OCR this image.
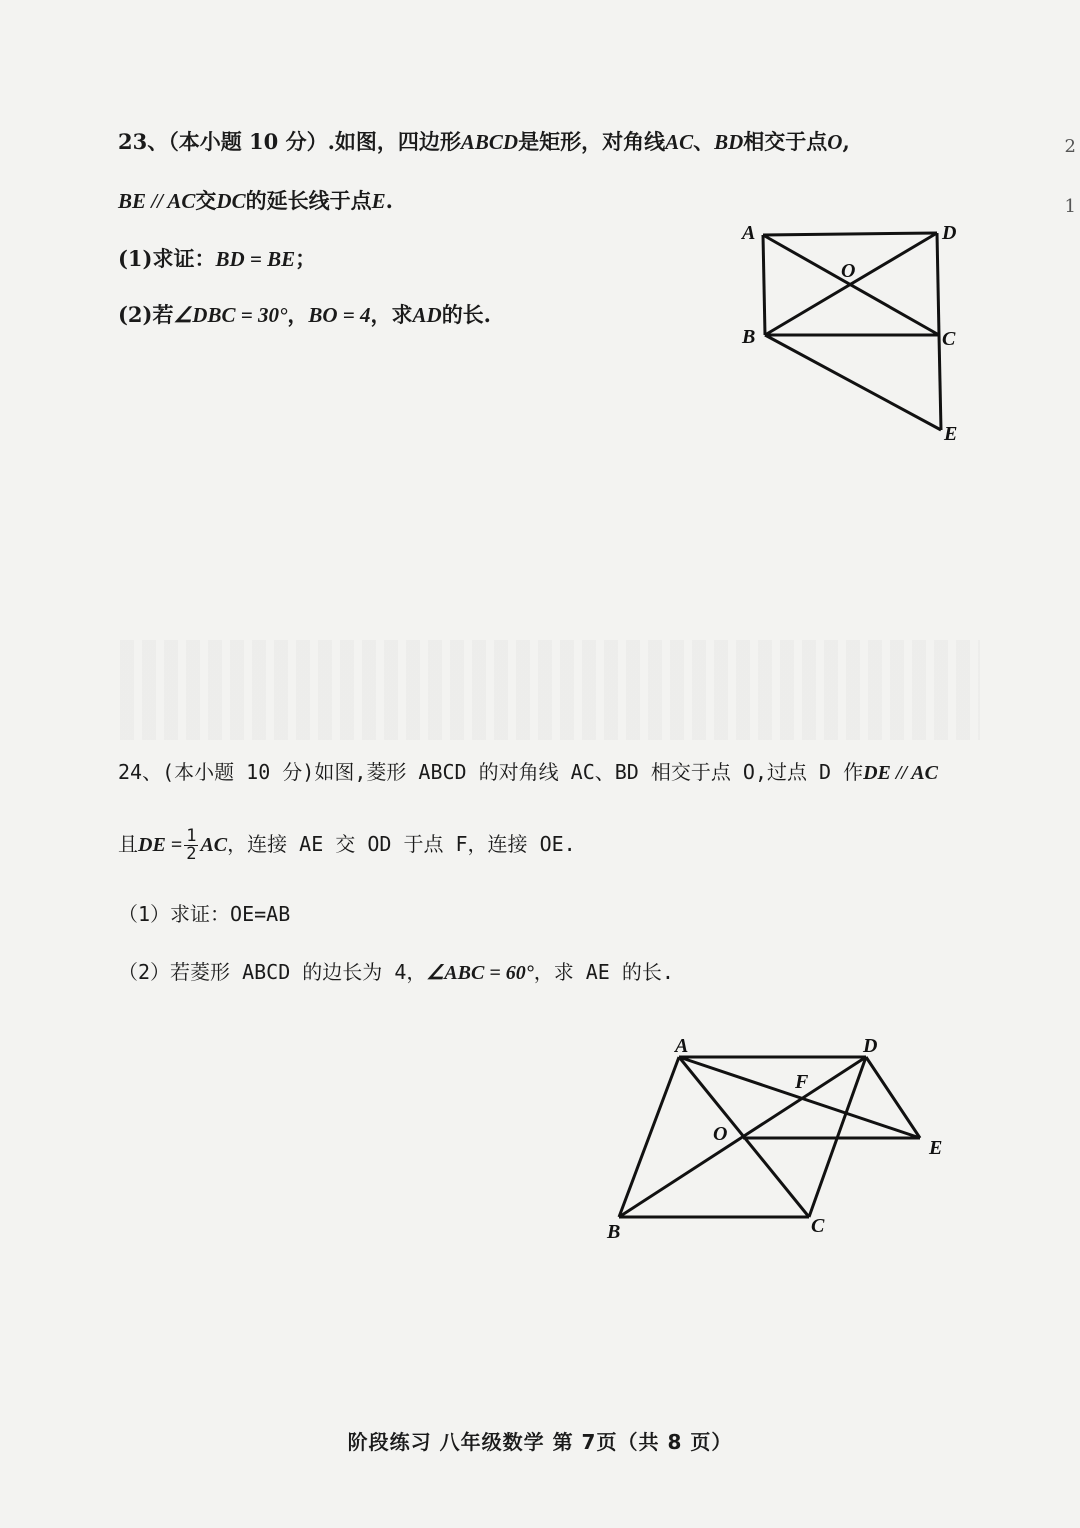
2
1
23、（本小题 10 分）.如图，四边形ABCD是矩形，对角线AC、BD相交于点O,
BE // AC交DC的延长线于点E.
(1)求证：BD = BE；
(2)若∠DBC = 30°，BO = 4，求AD的长.
A	D
O
B	C
E
24、(本小题 10 分)如图,菱形 ABCD 的对角线 AC、BD 相交于点 O,过点 D 作DE // AC
且DE = $\frac{1}{2}$ AC，连接 AE 交 OD 于点 F，连接 OE.
（1）求证：OE=AB
（2）若菱形 ABCD 的边长为 4，∠ABC = 60°，求 AE 的长.
A	D
F
O
E
B	C
阶段练习 八年级数学 第 7页（共 8 页）
